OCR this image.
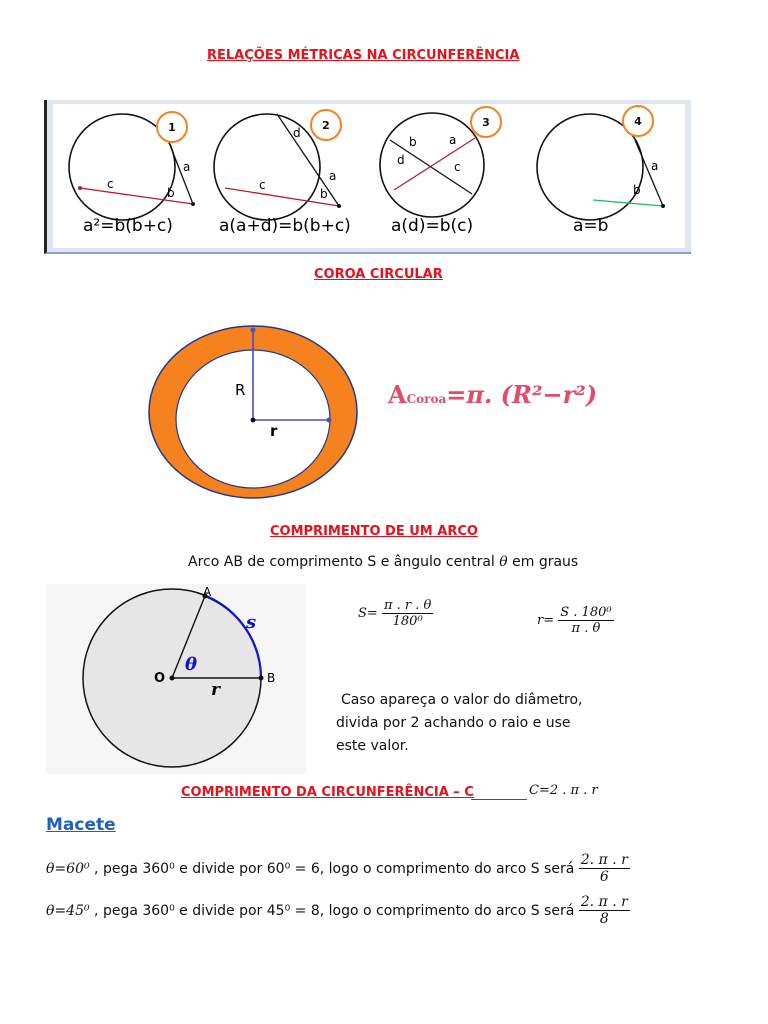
RELAÇÕES MÉTRICAS NA CIRCUNFERÊNCIA
a
b
c
d
a
b
c
b	a
d	c	a
b
a²=b(b+c)	a(a+d)=b(b+c) a(d)=b(c)	a=b
1	2	3	4
COROA CIRCULAR
R
r
ACoroa=π. (R²−r²)
COMPRIMENTO DE UM ARCO
Arco AB de comprimento S e ângulo central θ em graus
A
B
O
r
s
θ
$S= \frac{\pi . r . \theta}{\text{180⁰}}$	$r= \frac{\text{S . 180⁰}}{\pi . \theta}$
Caso apareça o valor do diâmetro,
divida por 2 achando o raio e use
este valor.
COMPRIMENTO DA CIRCUNFERÊNCIA – C	C=2 . π . r
Macete
θ=60⁰ , pega 360⁰ e divide por 60⁰ = 6, logo o comprimento do arco S será $\frac{2. \pi . r}{6}$
θ=45⁰ , pega 360⁰ e divide por 45⁰ = 8, logo o comprimento do arco S será $\frac{2. \pi . r}{8}$
